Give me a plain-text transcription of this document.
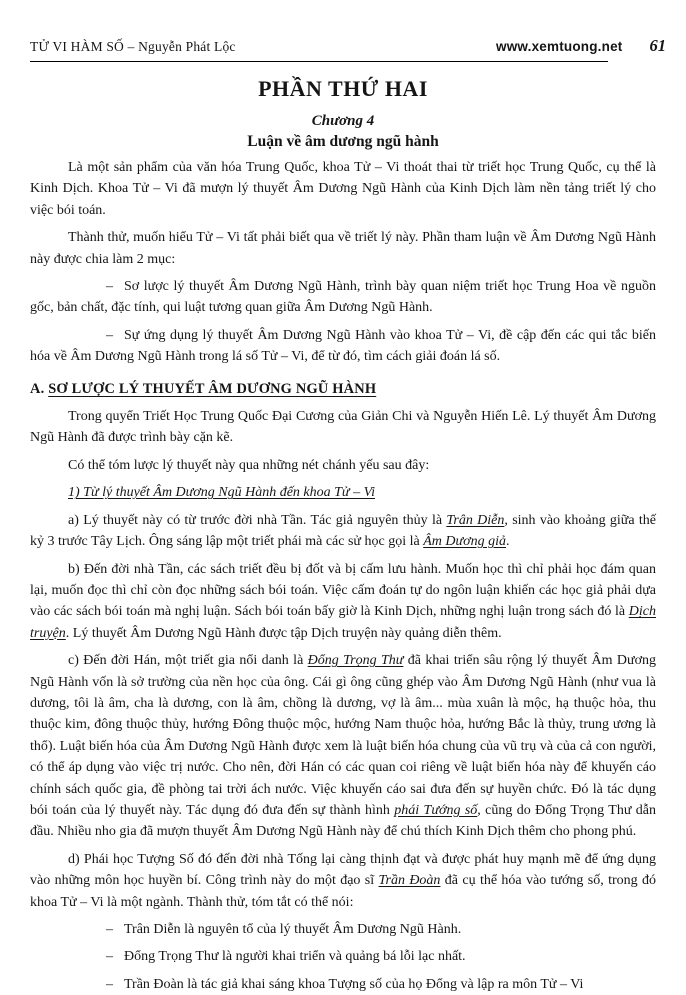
TỬ VI HÀM SỐ – Nguyễn Phát Lộc	www.xemtuong.net 61
PHẦN THỨ HAI
Chương 4
Luận về âm dương ngũ hành

Là một sản phẩm của văn hóa Trung Quốc, khoa Tử – Vi thoát thai từ triết học Trung Quốc, cụ thể là Kinh Dịch. Khoa Tử – Vi đã mượn lý thuyết Âm Dương Ngũ Hành của Kinh Dịch làm nền tảng triết lý cho việc bói toán.

Thành thử, muốn hiểu Tử – Vi tất phải biết qua về triết lý này. Phần tham luận về Âm Dương Ngũ Hành này được chia làm 2 mục:

– Sơ lược lý thuyết Âm Dương Ngũ Hành, trình bày quan niệm triết học Trung Hoa về nguồn gốc, bản chất, đặc tính, qui luật tương quan giữa Âm Dương Ngũ Hành.

– Sự ứng dụng lý thuyết Âm Dương Ngũ Hành vào khoa Tử – Vi, đề cập đến các qui tắc biến hóa về Âm Dương Ngũ Hành trong lá số Tử – Vi, để từ đó, tìm cách giải đoán lá số.

A. SƠ LƯỢC LÝ THUYẾT ÂM DƯƠNG NGŨ HÀNH

Trong quyển Triết Học Trung Quốc Đại Cương của Giản Chi và Nguyễn Hiến Lê. Lý thuyết Âm Dương Ngũ Hành đã được trình bày cặn kẽ.

Có thể tóm lược lý thuyết này qua những nét chánh yếu sau đây:

1) Từ lý thuyết Âm Dương Ngũ Hành đến khoa Tử – Vi

a) Lý thuyết này có từ trước đời nhà Tần. Tác giả nguyên thủy là Trân Diễn, sinh vào khoảng giữa thế kỷ 3 trước Tây Lịch. Ông sáng lập một triết phái mà các sử học gọi là Âm Dương giả.

b) Đến đời nhà Tần, các sách triết đều bị đốt và bị cấm lưu hành. Muốn học thì chỉ phải học đám quan lại, muốn đọc thì chỉ còn đọc những sách bói toán. Việc cấm đoán tự do ngôn luận khiến các học giả phải dựa vào các sách bói toán mà nghị luận. Sách bói toán bấy giờ là Kinh Dịch, những nghị luận trong sách đó là Dịch truyện. Lý thuyết Âm Dương Ngũ Hành được tập Dịch truyện này quảng diễn thêm.

c) Đến đời Hán, một triết gia nổi danh là Đổng Trọng Thư đã khai triển sâu rộng lý thuyết Âm Dương Ngũ Hành vốn là sở trường của nền học của ông. Cái gì ông cũng ghép vào Âm Dương Ngũ Hành (như vua là dương, tôi là âm, cha là dương, con là âm, chồng là dương, vợ là âm... mùa xuân là mộc, hạ thuộc hỏa, thu thuộc kim, đông thuộc thủy, hướng Đông thuộc mộc, hướng Nam thuộc hỏa, hướng Bắc là thủy, trung ương là thổ). Luật biến hóa của Âm Dương Ngũ Hành được xem là luật biến hóa chung của vũ trụ và của cả con người, có thể áp dụng vào việc trị nước. Cho nên, đời Hán có các quan coi riêng về luật biến hóa này để khuyến cáo chính sách quốc gia, đề phòng tai trời ách nước. Việc khuyến cáo sai đưa đến sự huyền chức. Đó là tác dụng bói toán của lý thuyết này. Tác dụng đó đưa đến sự thành hình phái Tướng số, cũng do Đổng Trọng Thư dẫn đầu. Nhiều nho gia đã mượn thuyết Âm Dương Ngũ Hành này để chú thích Kinh Dịch thêm cho phong phú.

d) Phái học Tượng Số đó đến đời nhà Tống lại càng thịnh đạt và được phát huy mạnh mẽ để ứng dụng vào những môn học huyền bí. Công trình này do một đạo sĩ Trần Đoàn đã cụ thể hóa vào tướng số, trong đó khoa Tử – Vi là một ngành. Thành thử, tóm tắt có thể nói:

– Trân Diễn là nguyên tổ của lý thuyết Âm Dương Ngũ Hành.

– Đổng Trọng Thư là người khai triển và quảng bá lỗi lạc nhất.

– Trần Đoàn là tác giả khai sáng khoa Tượng số của họ Đổng và lập ra môn Tử – Vi
